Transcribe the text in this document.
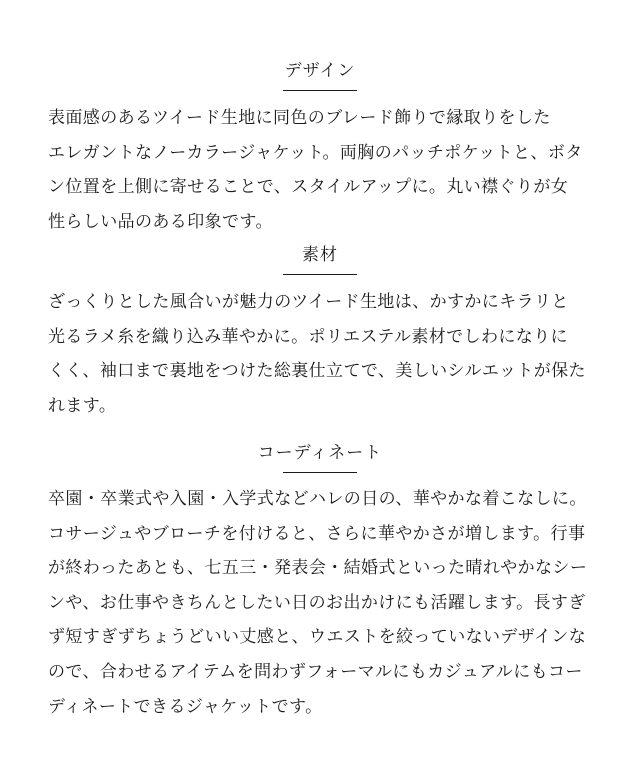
デザイン
表面感のあるツイード生地に同色のブレード飾りで縁取りをした
エレガントなノーカラージャケット。両胸のパッチポケットと、ボタ
ン位置を上側に寄せることで、スタイルアップに。丸い襟ぐりが女
性らしい品のある印象です。
素材
ざっくりとした風合いが魅力のツイード生地は、かすかにキラリと
光るラメ糸を織り込み華やかに。ポリエステル素材でしわになりに
くく、袖口まで裏地をつけた総裏仕立てで、美しいシルエットが保た
れます。
コーディネート
卒園・卒業式や入園・入学式などハレの日の、華やかな着こなしに。
コサージュやブローチを付けると、さらに華やかさが増します。行事
が終わったあとも、七五三・発表会・結婚式といった晴れやかなシー
ンや、お仕事やきちんとしたい日のお出かけにも活躍します。長すぎ
ず短すぎずちょうどいい丈感と、ウエストを絞っていないデザインな
ので、合わせるアイテムを問わずフォーマルにもカジュアルにもコー
ディネートできるジャケットです。
